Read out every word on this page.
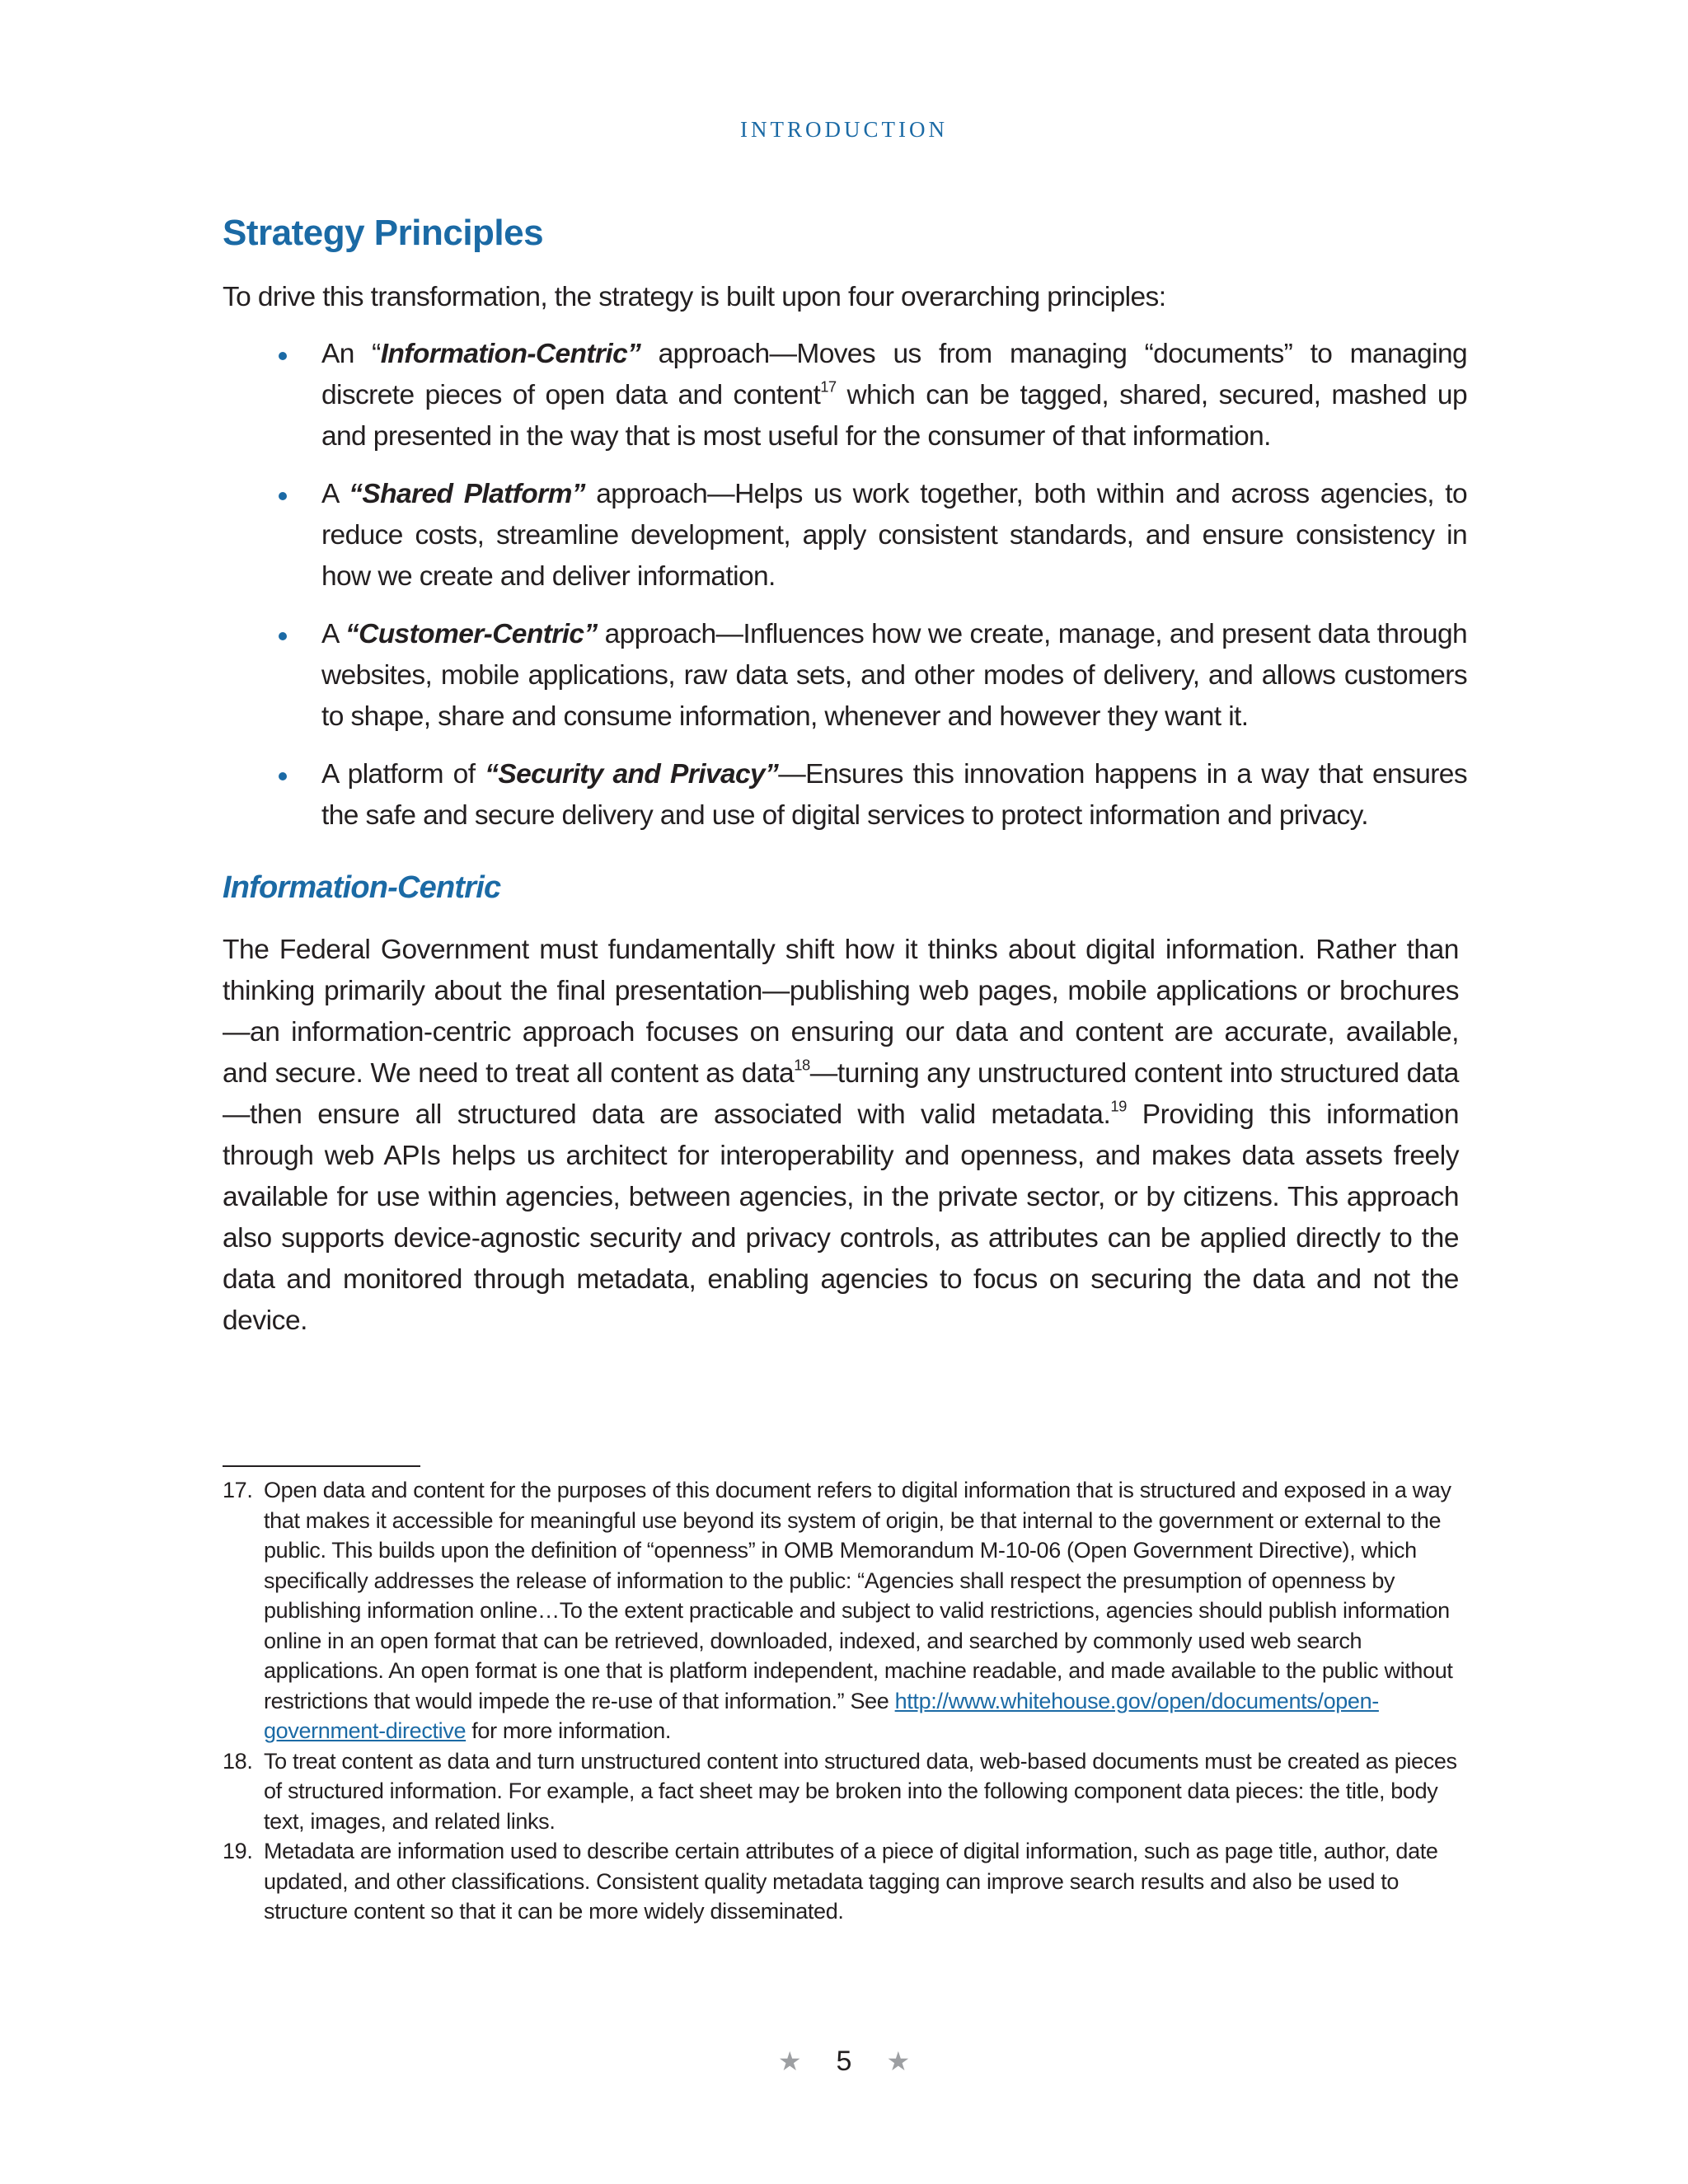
INTRODUCTION
Strategy Principles

To drive this transformation, the strategy is built upon four overarching principles:

An “Information-Centric” approach—Moves us from managing “documents” to managing discrete pieces of open data and content$^{17}$ which can be tagged, shared, secured, mashed up and presented in the way that is most useful for the consumer of that information.
A “Shared Platform” approach—Helps us work together, both within and across agencies, to reduce costs, streamline development, apply consistent standards, and ensure consistency in how we create and deliver information.
A “Customer-Centric” approach—Influences how we create, manage, and present data through websites, mobile applications, raw data sets, and other modes of delivery, and allows customers to shape, share and consume information, whenever and however they want it.
A platform of “Security and Privacy”—Ensures this innovation happens in a way that ensures the safe and secure delivery and use of digital services to protect information and privacy.
Information-Centric

The Federal Government must fundamentally shift how it thinks about digital information. Rather than thinking primarily about the final presentation—publishing web pages, mobile applications or brochures—an information-centric approach focuses on ensuring our data and content are accurate, available, and secure. We need to treat all content as data$^{18}$—turning any unstructured content into structured data—then ensure all structured data are associated with valid metadata.$^{19}$ Providing this information through web APIs helps us architect for interoperability and openness, and makes data assets freely available for use within agencies, between agencies, in the private sector, or by citizens. This approach also supports device-agnostic security and privacy controls, as attributes can be applied directly to the data and monitored through metadata, enabling agencies to focus on securing the data and not the device.

17. Open data and content for the purposes of this document refers to digital information that is structured and exposed in a way that makes it accessible for meaningful use beyond its system of origin, be that internal to the government or external to the public. This builds upon the definition of “openness” in OMB Memorandum M-10-06 (Open Government Directive), which specifically addresses the release of information to the public: “Agencies shall respect the presumption of openness by publishing information online…To the extent practicable and subject to valid restrictions, agencies should publish information online in an open format that can be retrieved, downloaded, indexed, and searched by commonly used web search applications. An open format is one that is platform independent, machine readable, and made available to the public without restrictions that would impede the re-use of that information.” See http://www.whitehouse.gov/open/documents/open-government-directive for more information.
18. To treat content as data and turn unstructured content into structured data, web-based documents must be created as pieces of structured information. For example, a fact sheet may be broken into the following component data pieces: the title, body text, images, and related links.
19. Metadata are information used to describe certain attributes of a piece of digital information, such as page title, author, date updated, and other classifications. Consistent quality metadata tagging can improve search results and also be used to structure content so that it can be more widely disseminated.
★ 5 ★
